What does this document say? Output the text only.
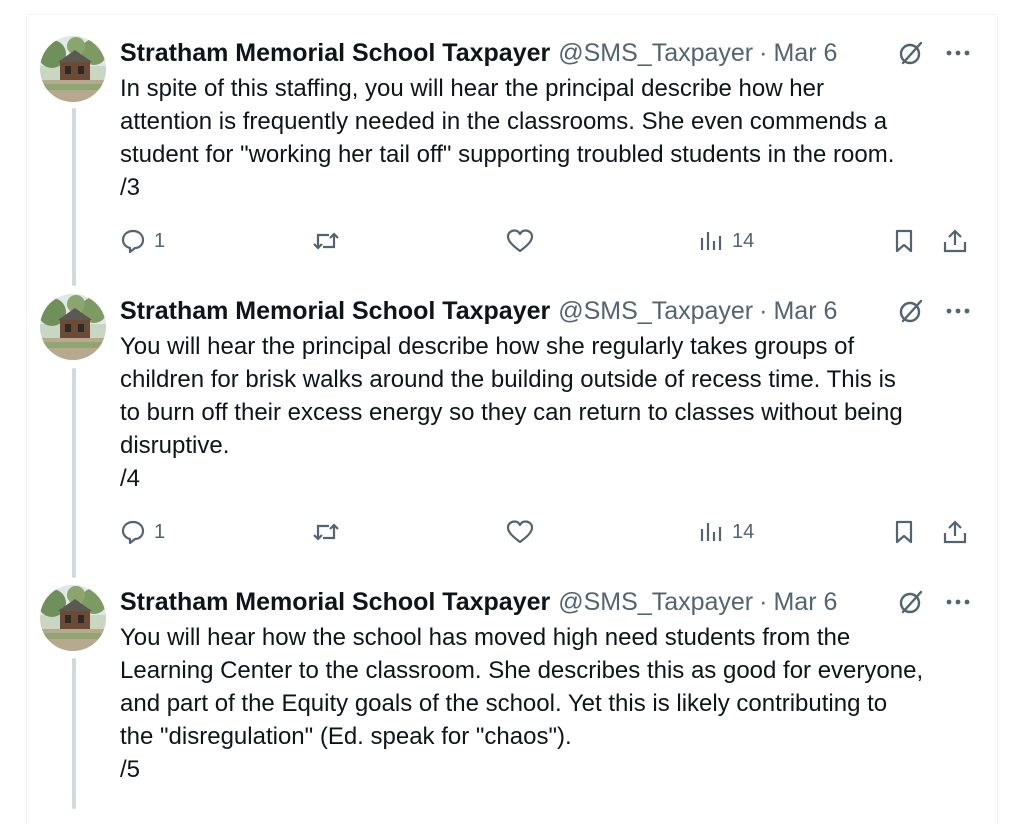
Stratham Memorial School Taxpayer @SMS_Taxpayer · Mar 6

In spite of this staffing, you will hear the principal describe how her

attention is frequently needed in the classrooms. She even commends a

student for "working her tail off" supporting troubled students in the room.

/3

1	14
Stratham Memorial School Taxpayer @SMS_Taxpayer · Mar 6

You will hear the principal describe how she regularly takes groups of

children for brisk walks around the building outside of recess time. This is

to burn off their excess energy so they can return to classes without being

disruptive.

/4

1	14
Stratham Memorial School Taxpayer @SMS_Taxpayer · Mar 6

You will hear how the school has moved high need students from the

Learning Center to the classroom. She describes this as good for everyone,

and part of the Equity goals of the school. Yet this is likely contributing to

the "disregulation" (Ed. speak for "chaos").

/5
